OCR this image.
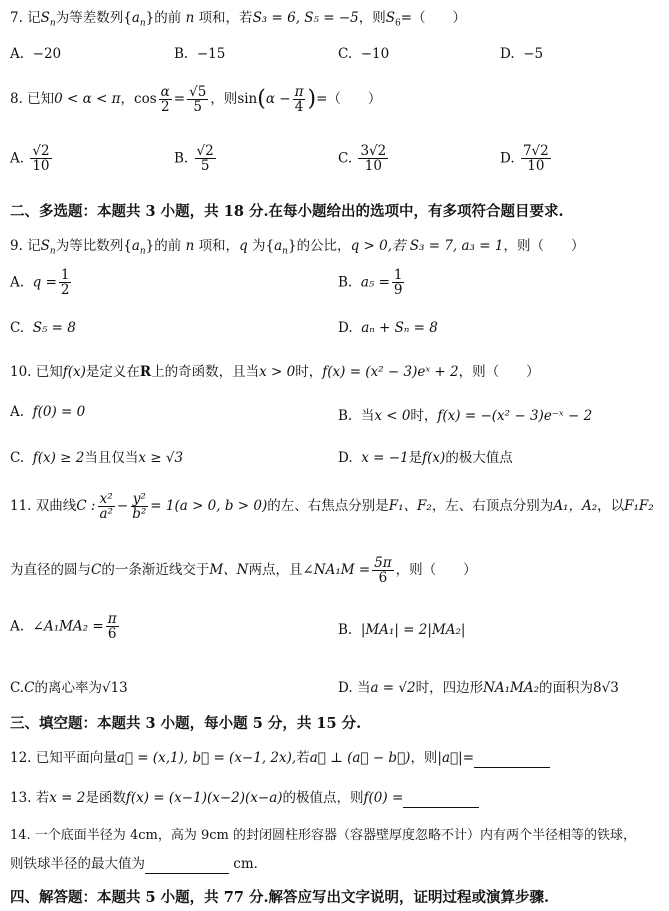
7. 记$S_n$为等差数列$\{a_n\}$的前 n 项和，若S₃ = 6, S₅ = −5，则$S_6=$（　　）
A. −20	B. −15	C. −10	D. −5
8. 已知0 < α < π，$\cos \frac{\alpha}{2} = \frac{√5}{5}$ ，则$\sin(\alpha - \frac{\pi}{4}$ )=（　　）
A. $\frac{√2}{10}$	B. $\frac{√2}{5}$	C. $\frac{3√2}{10}$	D. $\frac{7√2}{10}$
二、多选题：本题共 3 小题，共 18 分.在每小题给出的选项中，有多项符合题目要求.
9. 记$S_n$为等比数列$\{a_n\}$的前 n 项和，q 为$\{a_n\}$的公比，q > 0,若 S₃ = 7, a₃ = 1，则（　　）
A. $q = \frac{1}{2}$	B. $a_5 = \frac{1}{9}$
C. S₅ = 8	D. aₙ + Sₙ = 8
10. 已知f(x)是定义在R上的奇函数，且当x > 0时，f(x) = (x² − 3)eˣ + 2，则（　　）
A. f(0) = 0	B. 当x < 0时，f(x) = −(x² − 3)e⁻ˣ − 2
C. f(x) ≥ 2当且仅当x ≥ √3	D. x = −1是f(x)的极大值点
11. 双曲线C : $\frac{\text{x²}}{\text{a²}} - \frac{\text{y²}}{\text{b²}} = 1(a > 0$, b > 0)的左、右焦点分别是F₁、F₂，左、右顶点分别为A₁，A₂，以F₁F₂
为直径的圆与C的一条渐近线交于M、N两点，且∠NA₁M = $\frac{5\pi}{6}$ ，则（　　）
A. ∠A₁MA₂ = $\frac{\pi}{6}$	B. |MA₁| = 2|MA₂|
C.C的离心率为√13	D. 当a = √2时，四边形NA₁MA₂的面积为8√3
三、填空题：本题共 3 小题，每小题 5 分，共 15 分.
12. 已知平面向量a⃗ = (x,1), b⃗ = (x−1, 2x),若a⃗ ⊥ (a⃗ − b⃗)，则|a⃗|=
13. 若x = 2是函数f(x) = (x−1)(x−2)(x−a)的极值点，则f(0) =
14. 一个底面半径为 4cm，高为 9cm 的封闭圆柱形容器（容器壁厚度忽略不计）内有两个半径相等的铁球，
则铁球半径的最大值为	cm．
四、解答题：本题共 5 小题，共 77 分.解答应写出文字说明，证明过程或演算步骤.
